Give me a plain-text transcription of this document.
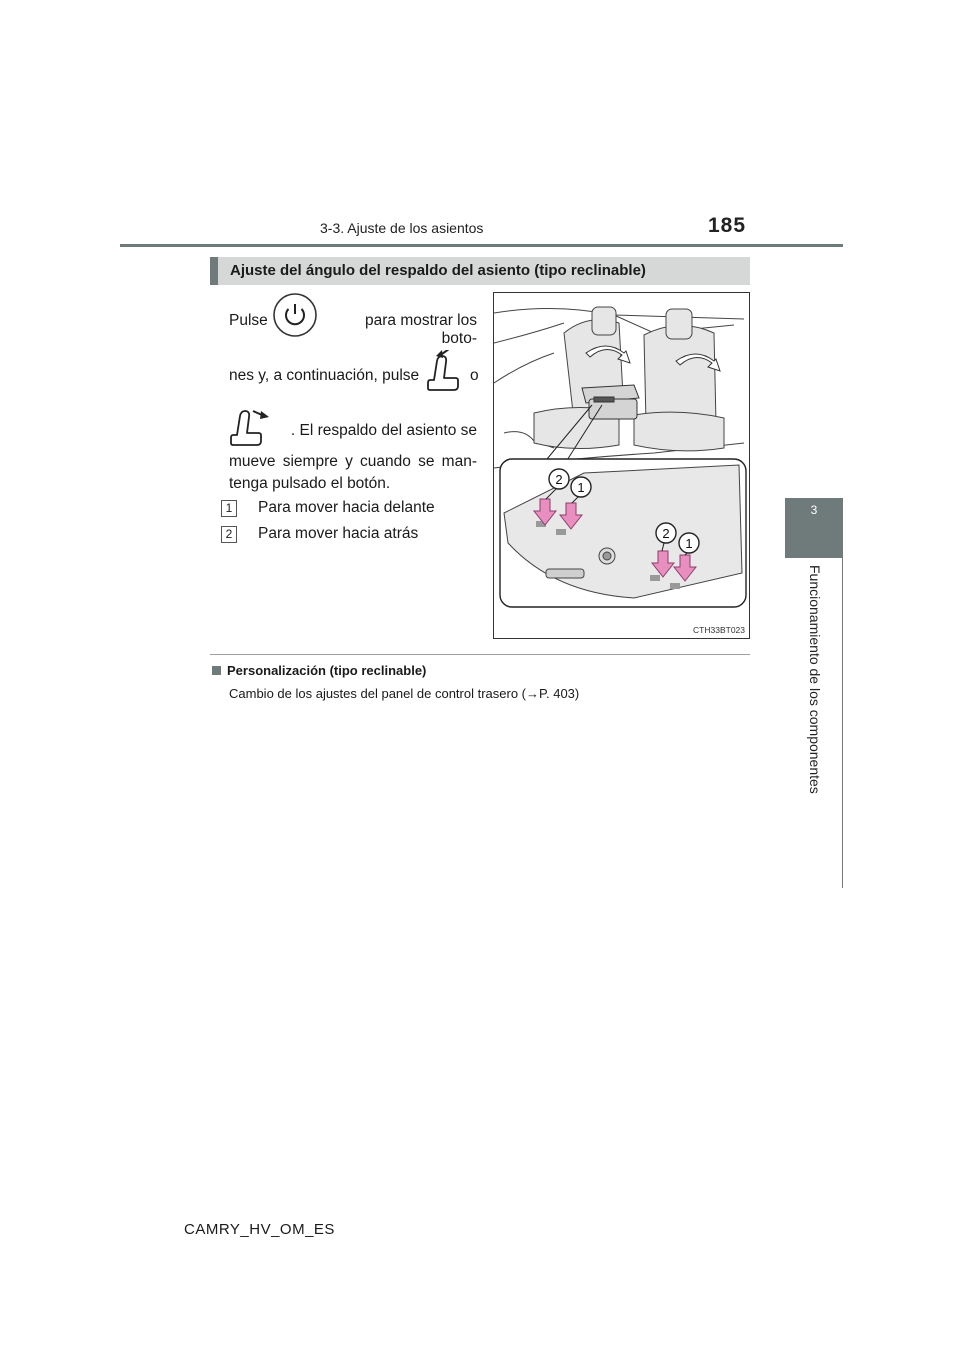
3-3. Ajuste de los asientos	185
3
Funcionamiento de los componentes
Ajuste del ángulo del respaldo del asiento (tipo reclinable)
Pulse	para mostrar los boto-
nes y, a continuación, pulse	o
. El respaldo del asiento se
mueve siempre y cuando se man-
tenga pulsado el botón.
1	Para mover hacia delante
2	Para mover hacia atrás
2
1
2
1
CTH33BT023
Personalización (tipo reclinable)
Cambio de los ajustes del panel de control trasero (→P. 403)
CAMRY_HV_OM_ES
